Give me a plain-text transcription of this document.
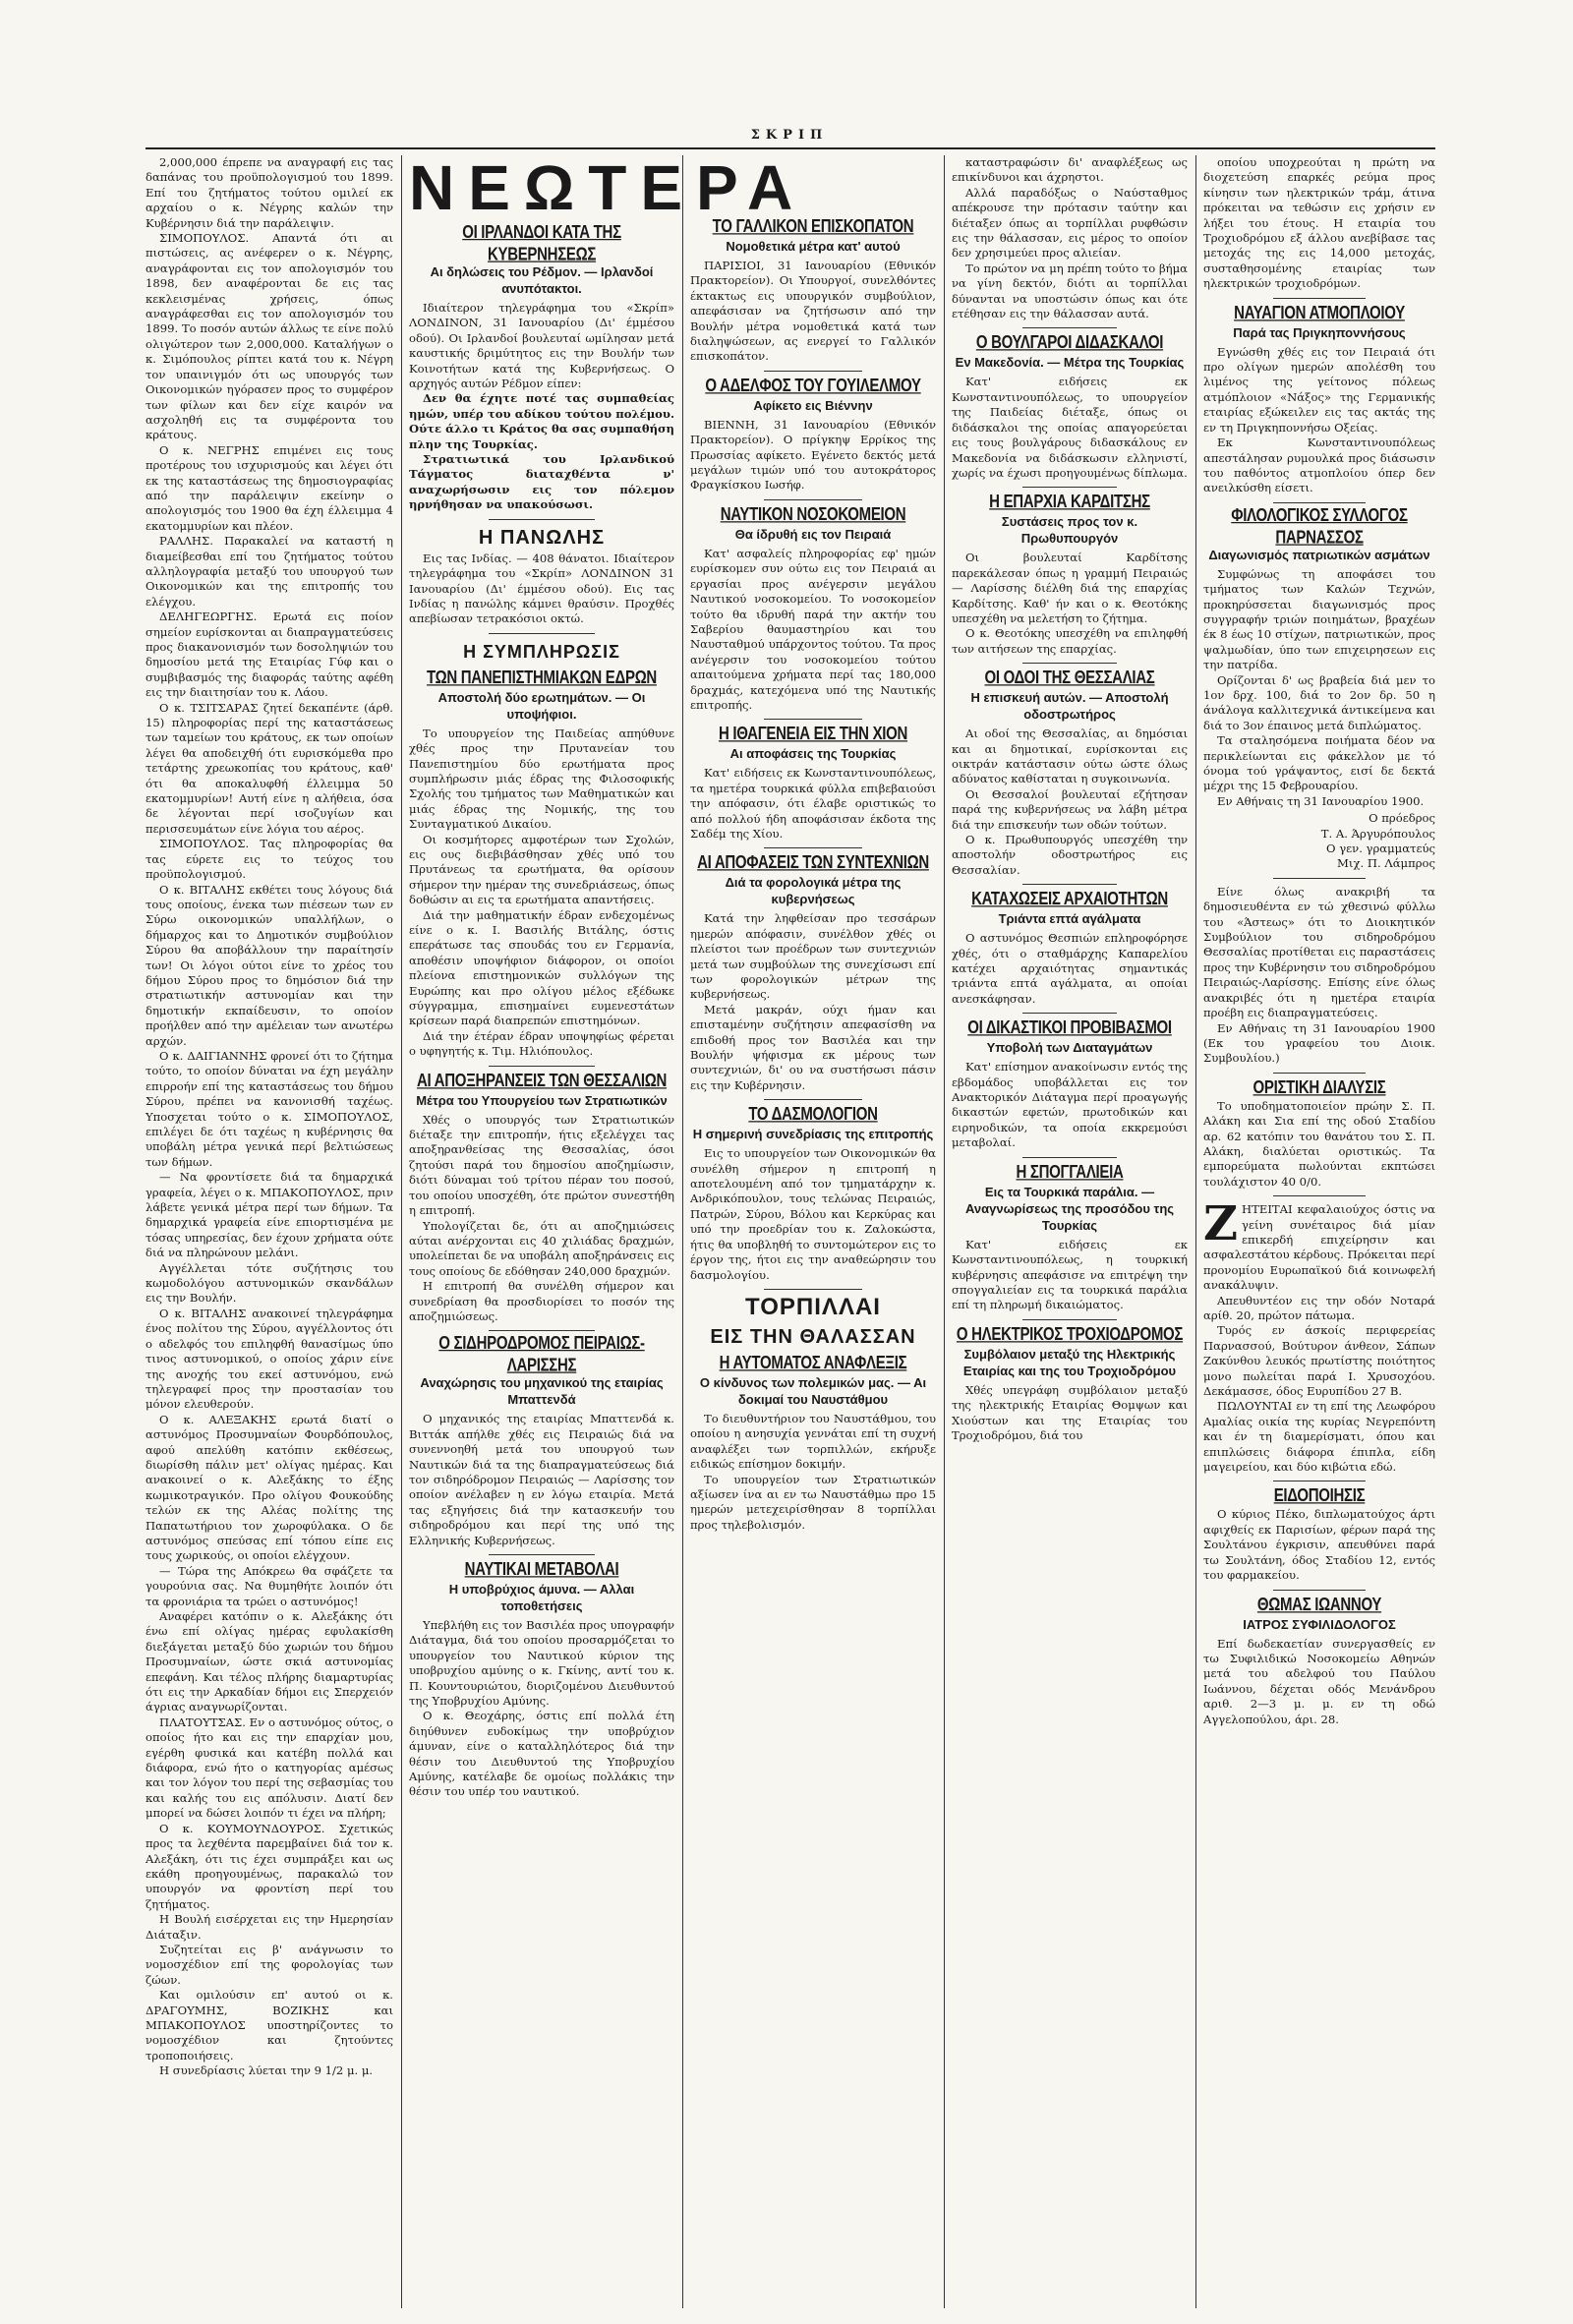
ΣΚΡΙΠ

2,000,000 έπρεπε να αναγραφή εις τας δαπάνας του προϋπολογισμού του 1899. Επί του ζητήματος τούτου ομιλεί εκ αρχαίου ο κ. Νέγρης καλών την Κυβέρνησιν διά την παράλειψιν.

ΣΙΜΟΠΟΥΛΟΣ. Απαντά ότι αι πιστώσεις, ας ανέφερεν ο κ. Νέγρης, αναγράφονται εις τον απολογισμόν του 1898, δεν αναφέρονται δε εις τας κεκλεισμένας χρήσεις, όπως αναγράφεσθαι εις τον απολογισμόν του 1899. Το ποσόν αυτών άλλως τε είνε πολύ ολιγώτερον των 2,000,000. Καταλήγων ο κ. Σιμόπουλος ρίπτει κατά του κ. Νέγρη τον υπαινιγμόν ότι ως υπουργός των Οικονομικών ηγόρασεν προς το συμφέρον των φίλων και δεν είχε καιρόν να ασχοληθή εις τα συμφέροντα του κράτους.

Ο κ. ΝΕΓΡΗΣ επιμένει εις τους προτέρους του ισχυρισμούς και λέγει ότι εκ της καταστάσεως της δημοσιογραφίας από την παράλειψιν εκείνην ο απολογισμός του 1900 θα έχη έλλειμμα 4 εκατομμυρίων και πλέον.

ΡΑΛΛΗΣ. Παρακαλεί να καταστή η διαμείβεσθαι επί του ζητήματος τούτου αλληλογραφία μεταξύ του υπουργού των Οικονομικών και της επιτροπής του ελέγχου.

ΔΕΛΗΓΕΩΡΓΗΣ. Ερωτά εις ποίον σημείον ευρίσκονται αι διαπραγματεύσεις προς διακανονισμόν των δοσοληψιών του δημοσίου μετά της Εταιρίας Γύφ και ο συμβιβασμός της διαφοράς ταύτης αφέθη εις την διαιτησίαν του κ. Λάου.

Ο κ. ΤΣΙΤΣΑΡΑΣ ζητεί δεκαπέντε (άρθ. 15) πληροφορίας περί της καταστάσεως των ταμείων του κράτους, εκ των οποίων λέγει θα αποδειχθή ότι ευρισκόμεθα προ τετάρτης χρεωκοπίας του κράτους, καθ' ότι θα αποκαλυφθή έλλειμμα 50 εκατομμυρίων! Αυτή είνε η αλήθεια, όσα δε λέγονται περί ισοζυγίων και περισσευμάτων είνε λόγια του αέρος.

ΣΙΜΟΠΟΥΛΟΣ. Τας πληροφορίας θα τας εύρετε εις το τεύχος του προϋπολογισμού.

Ο κ. ΒΙΤΑΛΗΣ εκθέτει τους λόγους διά τους οποίους, ένεκα των πιέσεων των εν Σύρω οικονομικών υπαλλήλων, ο δήμαρχος και το Δημοτικόν συμβούλιον Σύρου θα αποβάλλουν την παραίτησίν των! Οι λόγοι ούτοι είνε το χρέος του δήμου Σύρου προς το δημόσιον διά την στρατιωτικήν αστυνομίαν και την δημοτικήν εκπαίδευσιν, το οποίον προήλθεν από την αμέλειαν των ανωτέρω αρχών.

Ο κ. ΔΑΙΓΙΑΝΝΗΣ φρονεί ότι το ζήτημα τούτο, το οποίον δύναται να έχη μεγάλην επιρροήν επί της καταστάσεως του δήμου Σύρου, πρέπει να κανονισθή ταχέως. Υποσχεται τούτο ο κ. ΣΙΜΟΠΟΥΛΟΣ, επιλέγει δε ότι ταχέως η κυβέρνησις θα υποβάλη μέτρα γενικά περί βελτιώσεως των δήμων.

— Να φροντίσετε διά τα δημαρχικά γραφεία, λέγει ο κ. ΜΠΑΚΟΠΟΥΛΟΣ, πριν λάβετε γενικά μέτρα περί των δήμων. Τα δημαρχικά γραφεία είνε επιορτισμένα με τόσας υπηρεσίας, δεν έχουν χρήματα ούτε διά να πληρώνουν μελάνι.

Αγγέλλεται τότε συζήτησις του κωμοδολόγου αστυνομικών σκανδάλων εις την Βουλήν.

Ο κ. ΒΙΤΑΛΗΣ ανακοινεί τηλεγράφημα ένος πολίτου της Σύρου, αγγέλλοντος ότι ο αδελφός του επιληφθή θανασίμως ύπο τινος αστυνομικού, ο οποίος χάριν είνε της ανοχής του εκεί αστυνόμου, ενώ τηλεγραφεί προς την προστασίαν του μόνον ελευθερούν.

Ο κ. ΑΛΕΞΑΚΗΣ ερωτά διατί ο αστυνόμος Προσυμναίων Φουρδόπουλος, αφού απελύθη κατόπιν εκθέσεως, διωρίσθη πάλιν μετ' ολίγας ημέρας. Και ανακοινεί ο κ. Αλεξάκης το έξης κωμικοτραγικόν. Προ ολίγου Φουκούδης τελών εκ της Αλέας πολίτης της Παπατωτήριου τον χωροφύλακα. Ο δε αστυνόμος σπεύσας επί τόπου είπε εις τους χωρικούς, οι οποίοι ελέγχουν.

— Τώρα της Απόκρεω θα σφάζετε τα γουρούνια σας. Να θυμηθήτε λοιπόν ότι τα φρονιάρια τα τρώει ο αστυνόμος!

Αναφέρει κατόπιν ο κ. Αλεξάκης ότι ένω επί ολίγας ημέρας εφυλακίσθη διεξάγεται μεταξύ δύο χωριών του δήμου Προσυμναίων, ώστε σκιά αστυνομίας επεφάνη. Και τέλος πλήρης διαμαρτυρίας ότι εις την Αρκαδίαν δήμοι εις Σπερχειόν άγριας αναγνωρίζονται.

ΠΛΑΤΟΥΤΣΑΣ. Εν ο αστυνόμος ούτος, ο οποίος ήτο και εις την επαρχίαν μου, εγέρθη φυσικά και κατέβη πολλά και διάφορα, ενώ ήτο ο κατηγορίας αμέσως και τον λόγον του περί της σεβασμίας του και καλής του εις απόλυσιν. Διατί δεν μπορεί να δώσει λοιπόν τι έχει να πλήρη;

Ο κ. ΚΟΥΜΟΥΝΔΟΥΡΟΣ. Σχετικώς προς τα λεχθέντα παρεμβαίνει διά τον κ. Αλεξάκη, ότι τις έχει συμπράξει και ως εκάθη προηγουμένως, παρακαλώ τον υπουργόν να φροντίση περί του ζητήματος.

Η Βουλή εισέρχεται εις την Ημερησίαν Διάταξιν.

Συζητείται εις β' ανάγνωσιν το νομοσχέδιον επί της φορολογίας των ζώων.

Και ομιλούσιν επ' αυτού οι κ. ΔΡΑΓΟΥΜΗΣ, ΒΟΖΙΚΗΣ και ΜΠΑΚΟΠΟΥΛΟΣ υποστηρίζοντες το νομοσχέδιον και ζητούντες τροποποιήσεις.

Η συνεδρίασις λύεται την 9 1/2 μ. μ.

ΝΕΩΤΕΡΑ
ΟΙ ΙΡΛΑΝΔΟΙ ΚΑΤΑ ΤΗΣ ΚΥΒΕΡΝΗΣΕΩΣ
Αι δηλώσεις του Ρέδμον. — Ιρλανδοί ανυπότακτοι.

Ιδιαίτερον τηλεγράφημα του «Σκρίπ» ΛΟΝΔΙΝΟΝ, 31 Ιανουαρίου (Δι' έμμέσου οδού). Οι Ιρλανδοί βουλευταί ωμίλησαν μετά καυστικής δριμύτητος εις την Βουλήν των Κοινοτήτων κατά της Κυβερνήσεως. Ο αρχηγός αυτών Ρέδμον είπεν:

Δεν θα έχητε ποτέ τας συμπαθείας ημών, υπέρ του αδίκου τούτου πολέμου. Ούτε άλλο τι Κράτος θα σας συμπαθήση πλην της Τουρκίας.

Στρατιωτικά του Ιρλανδικού Τάγματος διαταχθέντα ν' αναχωρήσωσιν εις τον πόλεμον ηρνήθησαν να υπακούσωσι.

Η ΠΑΝΩΛΗΣ

Εις τας Ινδίας. — 408 θάνατοι. Ιδιαίτερον τηλεγράφημα του «Σκρίπ» ΛΟΝΔΙΝΟΝ 31 Ιανουαρίου (Δι' έμμέσου οδού). Εις τας Ινδίας η πανώλης κάμνει θραύσιν. Προχθές απεβίωσαν τετρακόσιοι οκτώ.

Η ΣΥΜΠΛΗΡΩΣΙΣ
ΤΩΝ ΠΑΝΕΠΙΣΤΗΜΙΑΚΩΝ ΕΔΡΩΝ
Αποστολή δύο ερωτημάτων. — Οι υποψήφιοι.

Το υπουργείον της Παιδείας απηύθυνε χθές προς την Πρυτανείαν του Πανεπιστημίου δύο ερωτήματα προς συμπλήρωσιν μιάς έδρας της Φιλοσοφικής Σχολής του τμήματος των Μαθηματικών και μιάς έδρας της Νομικής, της του Συνταγματικού Δικαίου.

Οι κοσμήτορες αμφοτέρων των Σχολών, εις ους διεβιβάσθησαν χθές υπό του Πρυτάνεως τα ερωτήματα, θα ορίσουν σήμερον την ημέραν της συνεδριάσεως, όπως δοθώσιν αι εις τα ερωτήματα απαντήσεις.

Διά την μαθηματικήν έδραν ενδεχομένως είνε ο κ. Ι. Βασιλής Βιτάλης, όστις επεράτωσε τας σπουδάς του εν Γερμανία, αποθέσιν υποψήφιον διάφορον, οι οποίοι πλείονα επιστημονικών συλλόγων της Ευρώπης και προ ολίγου μέλος εξέδωκε σύγγραμμα, επισημαίνει ευμενεστάτων κρίσεων παρά διαπρεπών επιστημόνων.

Διά την έτέραν έδραν υποψηφίως φέρεται ο υφηγητής κ. Τιμ. Ηλιόπουλος.

ΑΙ ΑΠΟΞΗΡΑΝΣΕΙΣ ΤΩΝ ΘΕΣΣΑΛΙΩΝ
Μέτρα του Υπουργείου των Στρατιωτικών

Χθές ο υπουργός των Στρατιωτικών διέταξε την επιτροπήν, ήτις εξελέγχει τας αποξηρανθείσας της Θεσσαλίας, όσοι ζητούσι παρά του δημοσίου αποζημίωσιν, διότι δύναμαι τού τρίτου πέραν του ποσού, του οποίου υποσχέθη, ότε πρώτον συνεστήθη η επιτροπή.

Υπολογίζεται δε, ότι αι αποζημιώσεις αύται ανέρχονται εις 40 χιλιάδας δραχμών, υπολείπεται δε να υποβάλη αποξηράνσεις εις τους οποίους δε εδόθησαν 240,000 δραχμών.

Η επιτροπή θα συνέλθη σήμερον και συνεδρίαση θα προσδιορίσει το ποσόν της αποζημιώσεως.

Ο ΣΙΔΗΡΟΔΡΟΜΟΣ ΠΕΙΡΑΙΩΣ-ΛΑΡΙΣΣΗΣ
Αναχώρησις του μηχανικού της εταιρίας Μπαττενδά

Ο μηχανικός της εταιρίας Μπαττενδά κ. Βιττάκ απήλθε χθές εις Πειραιώς διά να συνεννοηθή μετά του υπουργού των Ναυτικών διά τα της διαπραγματεύσεως διά τον σιδηρόδρομον Πειραιώς — Λαρίσσης τον οποίον ανέλαβεν η εν λόγω εταιρία. Μετά τας εξηγήσεις διά την κατασκευήν του σιδηροδρόμου και περί της υπό της Ελληνικής Κυβερνήσεως.

ΝΑΥΤΙΚΑΙ ΜΕΤΑΒΟΛΑΙ
Η υποβρύχιος άμυνα. — Αλλαι τοποθετήσεις

Υπεβλήθη εις τον Βασιλέα προς υπογραφήν Διάταγμα, διά του οποίου προσαρμόζεται το υπουργείον του Ναυτικού κύριον της υποβρυχίου αμύνης ο κ. Γκίνης, αντί του κ. Π. Κουντουριώτου, διοριζομένου Διευθυντού της Υποβρυχίου Αμύνης.

Ο κ. Θεοχάρης, όστις επί πολλά έτη διηύθυνεν ευδοκίμως την υποβρύχιον άμυναν, είνε ο καταλληλότερος διά την θέσιν του Διευθυντού της Υποβρυχίου Αμύνης, κατέλαβε δε ομοίως πολλάκις την θέσιν του υπέρ του ναυτικού.

ΤΟ ΓΑΛΛΙΚΟΝ ΕΠΙΣΚΟΠΑΤΟΝ
Νομοθετικά μέτρα κατ' αυτού

ΠΑΡΙΣΙΟΙ, 31 Ιανουαρίου (Εθνικόν Πρακτορείον). Οι Υπουργοί, συνελθόντες έκτακτως εις υπουργικόν συμβούλιον, απεφάσισαν να ζητήσωσιν από την Βουλήν μέτρα νομοθετικά κατά των διαληψώσεων, ας ενεργεί το Γαλλικόν επισκοπάτον.

Ο ΑΔΕΛΦΟΣ ΤΟΥ ΓΟΥΙΛΕΛΜΟΥ
Αφίκετο εις Βιέννην

ΒΙΕΝΝΗ, 31 Ιανουαρίου (Εθνικόν Πρακτορείον). Ο πρίγκηψ Ερρίκος της Πρωσσίας αφίκετο. Εγένετο δεκτός μετά μεγάλων τιμών υπό του αυτοκράτορος Φραγκίσκου Ιωσήφ.

ΝΑΥΤΙΚΟΝ ΝΟΣΟΚΟΜΕΙΟΝ
Θα ίδρυθή εις τον Πειραιά

Κατ' ασφαλείς πληροφορίας εφ' ημών ευρίσκομεν συν ούτω εις τον Πειραιά αι εργασίαι προς ανέγερσιν μεγάλου Ναυτικού νοσοκομείου. Το νοσοκομείον τούτο θα ιδρυθή παρά την ακτήν του Σαβερίου θαυμαστηρίου και του Ναυσταθμού υπάρχοντος τούτου. Τα προς ανέγερσιν του νοσοκομείου τούτου απαιτούμενα χρήματα περί τας 180,000 δραχμάς, κατεχόμενα υπό της Ναυτικής επιτροπής.

Η ΙΘΑΓΕΝΕΙΑ ΕΙΣ ΤΗΝ ΧΙΟΝ
Αι αποφάσεις της Τουρκίας

Κατ' ειδήσεις εκ Κωνσταντινουπόλεως, τα ημετέρα τουρκικά φύλλα επιβεβαιούσι την απόφασιν, ότι έλαβε οριστικώς το από πολλού ήδη αποφάσισαν έκδοτα της Σαδέμ της Χίου.

ΑΙ ΑΠΟΦΑΣΕΙΣ ΤΩΝ ΣΥΝΤΕΧΝΙΩΝ
Διά τα φορολογικά μέτρα της κυβερνήσεως

Κατά την ληφθείσαν προ τεσσάρων ημερών απόφασιν, συνέλθον χθές οι πλείστοι των προέδρων των συντεχνιών μετά των συμβούλων της συνεχίσωσι επί των φορολογικών μέτρων της κυβερνήσεως.

Μετά μακράν, ούχι ήμαν και επισταμένην συζήτησιν απεφασίσθη να επιδοθή προς τον Βασιλέα και την Βουλήν ψήφισμα εκ μέρους των συντεχνιών, δι' ου να συστήσωσι πάσιν εις την Κυβέρνησιν.

ΤΟ ΔΑΣΜΟΛΟΓΙΟΝ
Η σημερινή συνεδρίασις της επιτροπής

Εις το υπουργείον των Οικονομικών θα συνέλθη σήμερον η επιτροπή η αποτελουμένη από τον τμηματάρχην κ. Ανδρικόπουλον, τους τελώνας Πειραιώς, Πατρών, Σύρου, Βόλου και Κερκύρας και υπό την προεδρίαν του κ. Ζαλοκώστα, ήτις θα υποβληθή το συντομώτερον εις το έργον της, ήτοι εις την αναθεώρησιν του δασμολογίου.

ΤΟΡΠΙΛΛΑΙ
ΕΙΣ ΤΗΝ ΘΑΛΑΣΣΑΝ
Η ΑΥΤΟΜΑΤΟΣ ΑΝΑΦΛΕΞΙΣ
Ο κίνδυνος των πολεμικών μας. — Αι δοκιμαί του Ναυστάθμου

Το διευθυντήριον του Ναυστάθμου, του οποίου η ανησυχία γεννάται επί τη συχνή αναφλέξει των τορπιλλών, εκήρυξε ειδικώς επίσημον δοκιμήν.

Το υπουργείον των Στρατιωτικών αξίωσεν ίνα αι εν τω Ναυστάθμω προ 15 ημερών μετεχειρίσθησαν 8 τορπίλλαι προς τηλεβολισμόν.

καταστραφώσιν δι' αναφλέξεως ως επικίνδυνοι και άχρηστοι.

Αλλά παραδόξως ο Ναύσταθμος απέκρουσε την πρότασιν ταύτην και διέταξεν όπως αι τορπίλλαι ρυφθώσιν εις την θάλασσαν, εις μέρος το οποίον δεν χρησιμεύει προς αλιείαν.

Το πρώτον να μη πρέπη τούτο το βήμα να γίνη δεκτόν, διότι αι τορπίλλαι δύνανται να υποστώσιν όπως και ότε ετέθησαν εις την θάλασσαν αυτά.

Ο ΒΟΥΛΓΑΡΟΙ ΔΙΔΑΣΚΑΛΟΙ
Εν Μακεδονία. — Μέτρα της Τουρκίας

Κατ' ειδήσεις εκ Κωνσταντινουπόλεως, το υπουργείον της Παιδείας διέταξε, όπως οι διδάσκαλοι της οποίας απαγορεύεται εις τους βουλγάρους διδασκάλους εν Μακεδονία να διδάσκωσιν ελληνιστί, χωρίς να έχωσι προηγουμένως δίπλωμα.

Η ΕΠΑΡΧΙΑ ΚΑΡΔΙΤΣΗΣ
Συστάσεις προς τον κ. Πρωθυπουργόν

Οι βουλευταί Καρδίτσης παρεκάλεσαν όπως η γραμμή Πειραιώς — Λαρίσσης διέλθη διά της επαρχίας Καρδίτσης. Καθ' ήν και ο κ. Θεοτόκης υπεσχέθη να μελετήση το ζήτημα.

Ο κ. Θεοτόκης υπεσχέθη να επιληφθή των αιτήσεων της επαρχίας.

ΟΙ ΟΔΟΙ ΤΗΣ ΘΕΣΣΑΛΙΑΣ
Η επισκευή αυτών. — Αποστολή οδοστρωτήρος

Αι οδοί της Θεσσαλίας, αι δημόσιαι και αι δημοτικαί, ευρίσκονται εις οικτράν κατάστασιν ούτω ώστε όλως αδύνατος καθίσταται η συγκοινωνία.

Οι Θεσσαλοί βουλευταί εζήτησαν παρά της κυβερνήσεως να λάβη μέτρα διά την επισκευήν των οδών τούτων.

Ο κ. Πρωθυπουργός υπεσχέθη την αποστολήν οδοστρωτήρος εις Θεσσαλίαν.

ΚΑΤΑΧΩΣΕΙΣ ΑΡΧΑΙΟΤΗΤΩΝ
Τριάντα επτά αγάλματα

Ο αστυνόμος Θεσπιών επληροφόρησε χθές, ότι ο σταθμάρχης Καπαρελίου κατέχει αρχαιότητας σημαντικάς τριάντα επτά αγάλματα, αι οποίαι ανεσκάφησαν.

ΟΙ ΔΙΚΑΣΤΙΚΟΙ ΠΡΟΒΙΒΑΣΜΟΙ
Υποβολή των Διαταγμάτων

Κατ' επίσημον ανακοίνωσιν εντός της εβδομάδος υποβάλλεται εις τον Ανακτορικόν Διάταγμα περί προαγωγής δικαστών εφετών, πρωτοδικών και ειρηνοδικών, τα οποία εκκρεμούσι μεταβολαί.

Η ΣΠΟΓΓΑΛΙΕΙΑ
Εις τα Τουρκικά παράλια. — Αναγνωρίσεως της προσόδου της Τουρκίας

Κατ' ειδήσεις εκ Κωνσταντινουπόλεως, η τουρκική κυβέρνησις απεφάσισε να επιτρέψη την σπογγαλιείαν εις τα τουρκικά παράλια επί τη πληρωμή δικαιώματος.

Ο ΗΛΕΚΤΡΙΚΟΣ ΤΡΟΧΙΟΔΡΟΜΟΣ
Συμβόλαιον μεταξύ της Ηλεκτρικής Εταιρίας και της του Τροχιοδρόμου

Χθές υπεγράφη συμβόλαιον μεταξύ της ηλεκτρικής Εταιρίας Θομψων και Χιούστων και της Εταιρίας του Τροχιοδρόμου, διά του

οποίου υποχρεούται η πρώτη να διοχετεύση επαρκές ρεύμα προς κίνησιν των ηλεκτρικών τράμ, άτινα πρόκειται να τεθώσιν εις χρήσιν εν λήξει του έτους. Η εταιρία του Τροχιοδρόμου εξ άλλου ανεβίβασε τας μετοχάς της εις 14,000 μετοχάς, συσταθησομένης εταιρίας των ηλεκτρικών τροχιοδρόμων.

ΝΑΥΑΓΙΟΝ ΑΤΜΟΠΛΟΙΟΥ
Παρά τας Πριγκηποννήσους

Εγνώσθη χθές εις τον Πειραιά ότι προ ολίγων ημερών απολέσθη του λιμένος της γείτονος πόλεως ατμόπλοιον «Νάξος» της Γερμανικής εταιρίας εξώκειλεν εις τας ακτάς της εν τη Πριγκηποννήσω Οξείας.

Εκ Κωνσταντινουπόλεως απεστάλησαν ρυμουλκά προς διάσωσιν του παθόντος ατμοπλοίου όπερ δεν ανειλκύσθη είσετι.

ΦΙΛΟΛΟΓΙΚΟΣ ΣΥΛΛΟΓΟΣ ΠΑΡΝΑΣΣΟΣ
Διαγωνισμός πατριωτικών ασμάτων

Συμφώνως τη αποφάσει του τμήματος των Καλών Τεχνών, προκηρύσσεται διαγωνισμός προς συγγραφήν τριών ποιημάτων, βραχέων έκ 8 έως 10 στίχων, πατριωτικών, προς ψαλμωδίαν, ύπο των επιχειρησεων εις την πατρίδα.

Ορίζονται δ' ως βραβεία διά μεν το 1ον δρχ. 100, διά το 2ον δρ. 50 η άνάλογα καλλιτεχνικά άντικείμενα και διά το 3ον έπαινος μετά διπλώματος.

Τα σταλησόμενα ποιήματα δέον να περικλείωνται εις φάκελλον με τό όνομα τού γράψαντος, εισί δε δεκτά μέχρι της 15 Φεβρουαρίου.

Εν Αθήναις τη 31 Ιανουαρίου 1900.

Ο πρόεδρος
Τ. Α. Άργυρόπουλος
Ο γεν. γραμματεύς
Μιχ. Π. Λάμπρος

Είνε όλως ανακριβή τα δημοσιευθέντα εν τώ χθεσινώ φύλλω του «Άστεως» ότι το Διοικητικόν Συμβούλιον του σιδηροδρόμου Θεσσαλίας προτίθεται εις παραστάσεις προς την Κυβέρνησιν του σιδηροδρόμου Πειραιώς-Λαρίσσης. Επίσης είνε όλως ανακριβές ότι η ημετέρα εταιρία προέβη εις διαπραγματεύσεις.

Εν Αθήναις τη 31 Ιανουαρίου 1900 (Εκ του γραφείου του Διοικ. Συμβουλίου.)

ΟΡΙΣΤΙΚΗ ΔΙΑΛΥΣΙΣ

Το υποδηματοποιείον πρώην Σ. Π. Αλάκη και Σια επί της οδού Σταδίου αρ. 62 κατόπιν του θανάτου του Σ. Π. Αλάκη, διαλύεται οριστικώς. Τα εμπορεύματα πωλούνται εκπτώσει τουλάχιστον 40 0/0.

Ζ ΗΤΕΙΤΑΙ κεφαλαιούχος όστις να γείνη συνέταιρος διά μίαν επικερδή επιχείρησιν και ασφαλεστάτου κέρδους. Πρόκειται περί προνομίου Ευρωπαϊκού διά κοινωφελή ανακάλυψιν.

Απευθυντέον εις την οδόν Νοταρά αρίθ. 20, πρώτον πάτωμα.

Τυρός εν άσκοίς περιφερείας Παρνασσού, Βούτυρον άνθεον, Σάπων Ζακύνθου λευκός πρωτίστης ποιότητος μονο πωλείται παρά Ι. Χρυσοχόου. Δεκάμασσε, όδος Ευρυπίδου 27 Β.

ΠΩΛΟΥΝΤΑΙ εν τη επί της Λεωφόρου Αμαλίας οικία της κυρίας Νεγρεπόντη και έν τη διαμερίσματι, όπου και επιπλώσεις διάφορα έπιπλα, είδη μαγειρείου, και δύο κιβώτια εδώ.

ΕΙΔΟΠΟΙΗΣΙΣ

Ο κύριος Πέκο, διπλωματούχος άρτι αφιχθείς εκ Παρισίων, φέρων παρά της Σουλτάνου έγκρισιν, απευθύνει παρά τω Σουλτάνη, όδος Σταδίου 12, εντός του φαρμακείου.

ΘΩΜΑΣ ΙΩΑΝΝΟΥ
ΙΑΤΡΟΣ ΣΥΦΙΛΙΔΟΛΟΓΟΣ

Επί δωδεκαετίαν συνεργασθείς εν τω Συφιλιδικώ Νοσοκομείω Αθηνών μετά του αδελφού του Παύλου Ιωάννου, δέχεται οδός Μενάνδρου αριθ. 2—3 μ. μ. εν τη οδώ Αγγελοπούλου, άρι. 28.
